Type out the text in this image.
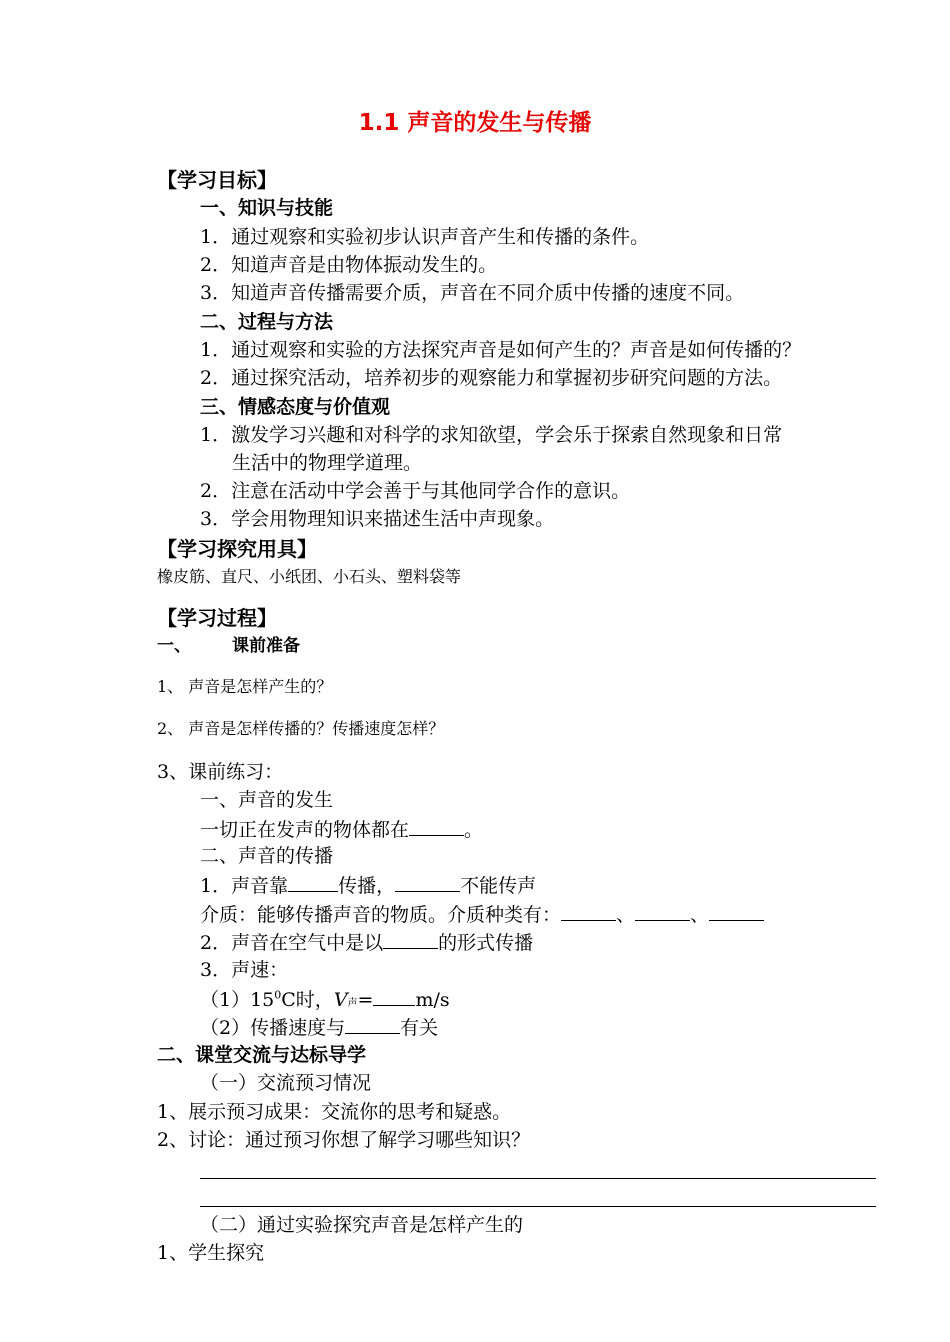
1.1 声音的发生与传播
【学习目标】
一、知识与技能
1．通过观察和实验初步认识声音产生和传播的条件。
2．知道声音是由物体振动发生的。
3．知道声音传播需要介质，声音在不同介质中传播的速度不同。
二、过程与方法
1．通过观察和实验的方法探究声音是如何产生的？声音是如何传播的？
2．通过探究活动，培养初步的观察能力和掌握初步研究问题的方法。
三、情感态度与价值观
1．激发学习兴趣和对科学的求知欲望，学会乐于探索自然现象和日常
生活中的物理学道理。
2．注意在活动中学会善于与其他同学合作的意识。
3．学会用物理知识来描述生活中声现象。
【学习探究用具】
橡皮筋、直尺、小纸团、小石头、塑料袋等
【学习过程】
一、 课前准备
1、 声音是怎样产生的？
2、 声音是怎样传播的？传播速度怎样？
3、课前练习：
一、声音的发生
一切正在发声的物体都在	。
二、声音的传播
1．声音靠	传播，	不能传声
介质：能够传播声音的物质。介质种类有：	、	、
2．声音在空气中是以	的形式传播
3．声速：
$(1)15^0C$时，V声= m/s
（2）传播速度与	有关
二、课堂交流与达标导学
（一）交流预习情况
1、展示预习成果：交流你的思考和疑惑。
2、讨论：通过预习你想了解学习哪些知识？
（二）通过实验探究声音是怎样产生的
1、学生探究
